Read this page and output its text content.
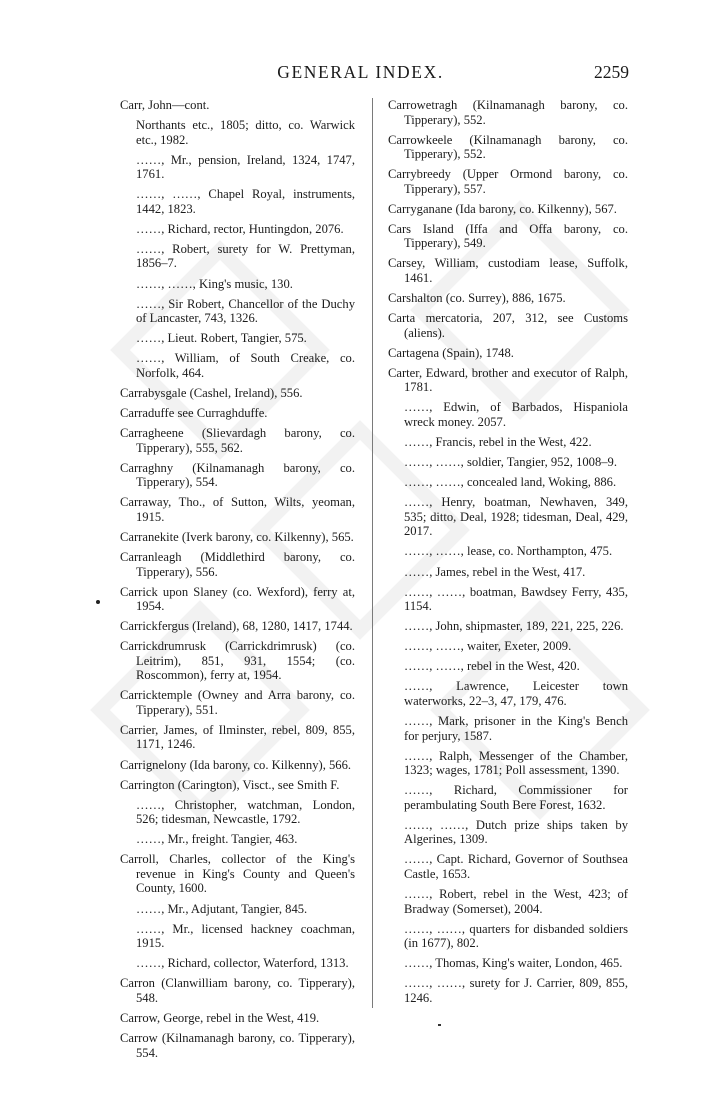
GENERAL INDEX.	2259

Carr, John—cont.

Northants etc., 1805; ditto, co. Warwick etc., 1982.

……, Mr., pension, Ireland, 1324, 1747, 1761.

……, ……, Chapel Royal, instruments, 1442, 1823.

……, Richard, rector, Huntingdon, 2076.

……, Robert, surety for W. Prettyman, 1856–7.

……, ……, King's music, 130.

……, Sir Robert, Chancellor of the Duchy of Lancaster, 743, 1326.

……, Lieut. Robert, Tangier, 575.

……, William, of South Creake, co. Norfolk, 464.

Carrabysgale (Cashel, Ireland), 556.

Carraduffe see Curraghduffe.

Carragheene (Slievardagh barony, co. Tipperary), 555, 562.

Carraghny (Kilnamanagh barony, co. Tipperary), 554.

Carraway, Tho., of Sutton, Wilts, yeoman, 1915.

Carranekite (Iverk barony, co. Kilkenny), 565.

Carranleagh (Middlethird barony, co. Tipperary), 556.

Carrick upon Slaney (co. Wexford), ferry at, 1954.

Carrickfergus (Ireland), 68, 1280, 1417, 1744.

Carrickdrumrusk (Carrickdrimrusk) (co. Leitrim), 851, 931, 1554; (co. Roscommon), ferry at, 1954.

Carricktemple (Owney and Arra barony, co. Tipperary), 551.

Carrier, James, of Ilminster, rebel, 809, 855, 1171, 1246.

Carrignelony (Ida barony, co. Kilkenny), 566.

Carrington (Carington), Visct., see Smith F.

……, Christopher, watchman, London, 526; tidesman, Newcastle, 1792.

……, Mr., freight. Tangier, 463.

Carroll, Charles, collector of the King's revenue in King's County and Queen's County, 1600.

……, Mr., Adjutant, Tangier, 845.

……, Mr., licensed hackney coachman, 1915.

……, Richard, collector, Waterford, 1313.

Carron (Clanwilliam barony, co. Tipperary), 548.

Carrow, George, rebel in the West, 419.

Carrow (Kilnamanagh barony, co. Tipperary), 554.

Carrowetragh (Kilnamanagh barony, co. Tipperary), 552.

Carrowkeele (Kilnamanagh barony, co. Tipperary), 552.

Carrybreedy (Upper Ormond barony, co. Tipperary), 557.

Carryganane (Ida barony, co. Kilkenny), 567.

Cars Island (Iffa and Offa barony, co. Tipperary), 549.

Carsey, William, custodiam lease, Suffolk, 1461.

Carshalton (co. Surrey), 886, 1675.

Carta mercatoria, 207, 312, see Customs (aliens).

Cartagena (Spain), 1748.

Carter, Edward, brother and executor of Ralph, 1781.

……, Edwin, of Barbados, Hispaniola wreck money. 2057.

……, Francis, rebel in the West, 422.

……, ……, soldier, Tangier, 952, 1008–9.

……, ……, concealed land, Woking, 886.

……, Henry, boatman, Newhaven, 349, 535; ditto, Deal, 1928; tidesman, Deal, 429, 2017.

……, ……, lease, co. Northampton, 475.

……, James, rebel in the West, 417.

……, ……, boatman, Bawdsey Ferry, 435, 1154.

……, John, shipmaster, 189, 221, 225, 226.

……, ……, waiter, Exeter, 2009.

……, ……, rebel in the West, 420.

……, Lawrence, Leicester town waterworks, 22–3, 47, 179, 476.

……, Mark, prisoner in the King's Bench for perjury, 1587.

……, Ralph, Messenger of the Chamber, 1323; wages, 1781; Poll assessment, 1390.

……, Richard, Commissioner for perambulating South Bere Forest, 1632.

……, ……, Dutch prize ships taken by Algerines, 1309.

……, Capt. Richard, Governor of Southsea Castle, 1653.

……, Robert, rebel in the West, 423; of Bradway (Somerset), 2004.

……, ……, quarters for disbanded soldiers (in 1677), 802.

……, Thomas, King's waiter, London, 465.

……, ……, surety for J. Carrier, 809, 855, 1246.
